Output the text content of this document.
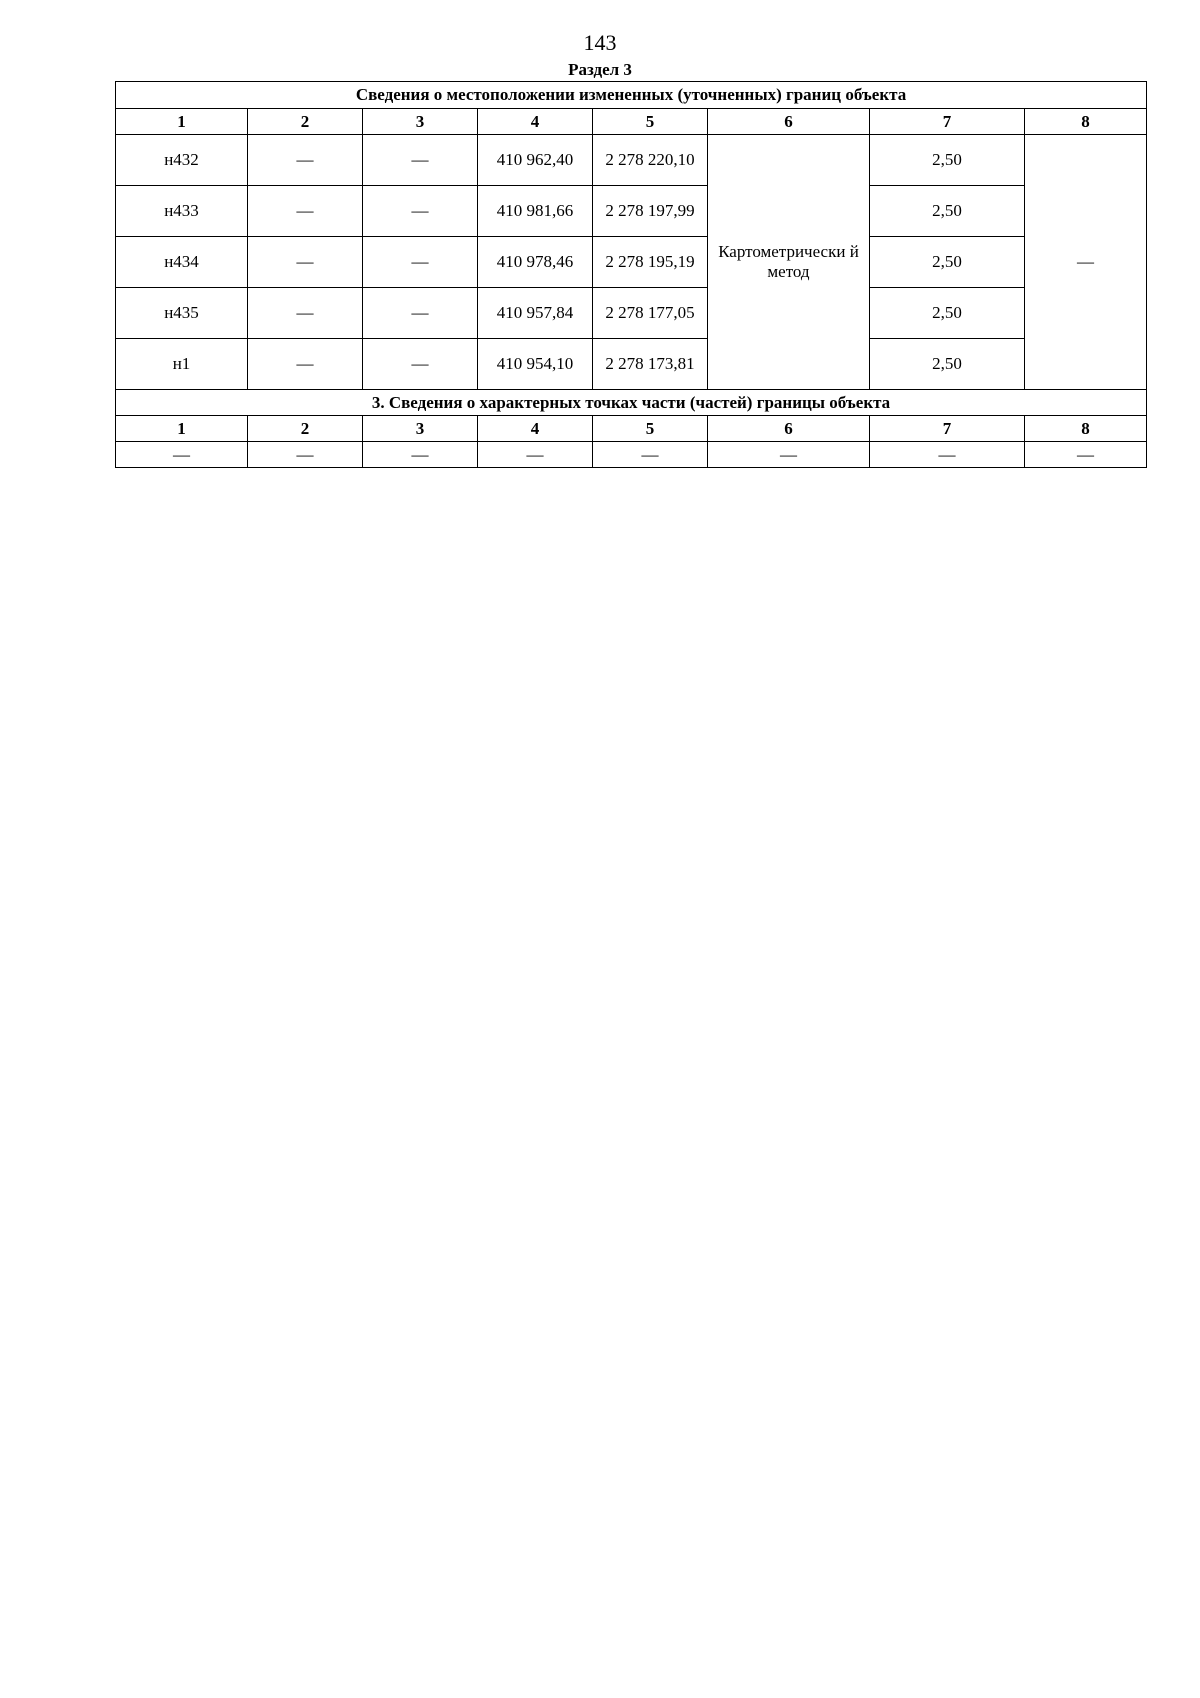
143
Раздел 3
Сведения о местоположении измененных (уточненных) границ объекта							
1	2	3	4	5	6	7	8
н432	—	—	410 962,40	2 278 220,10	Картометрически й метод	2,50	—
н433	—	—	410 981,66	2 278 197,99		2,50	
н434	—	—	410 978,46	2 278 195,19		2,50	
н435	—	—	410 957,84	2 278 177,05		2,50	
н1	—	—	410 954,10	2 278 173,81		2,50	
3. Сведения о характерных точках части (частей) границы объекта							
1	2	3	4	5	6	7	8
—	—	—	—	—	—	—	—
